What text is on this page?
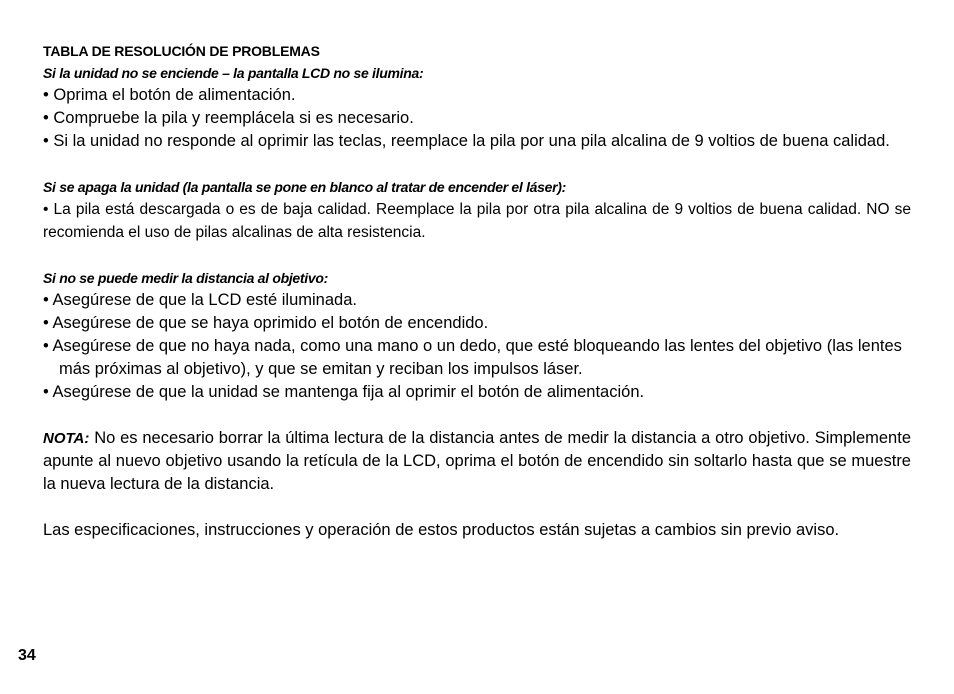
TABLA DE RESOLUCIÓN DE PROBLEMAS

Si la unidad no se enciende – la pantalla LCD no se ilumina:

• Oprima el botón de alimentación.

• Compruebe la pila y reemplácela si es necesario.

• Si la unidad no responde al oprimir las teclas, reemplace la pila por una pila alcalina de 9 voltios de buena calidad.

Si se apaga la unidad (la pantalla se pone en blanco al tratar de encender el láser):

• La pila está descargada o es de baja calidad. Reemplace la pila por otra pila alcalina de 9 voltios de buena calidad. NO se recomienda el uso de pilas alcalinas de alta resistencia.

Si no se puede medir la distancia al objetivo:

• Asegúrese de que la LCD esté iluminada.

• Asegúrese de que se haya oprimido el botón de encendido.

• Asegúrese de que no haya nada, como una mano o un dedo, que esté bloqueando las lentes del objetivo (las lentes más próximas al objetivo), y que se emitan y reciban los impulsos láser.

• Asegúrese de que la unidad se mantenga fija al oprimir el botón de alimentación.

NOTA: No es necesario borrar la última lectura de la distancia antes de medir la distancia a otro objetivo. Simplemente apunte al nuevo objetivo usando la retícula de la LCD, oprima el botón de encendido sin soltarlo hasta que se muestre la nueva lectura de la distancia.

Las especificaciones, instrucciones y operación de estos productos están sujetas a cambios sin previo aviso.

34
